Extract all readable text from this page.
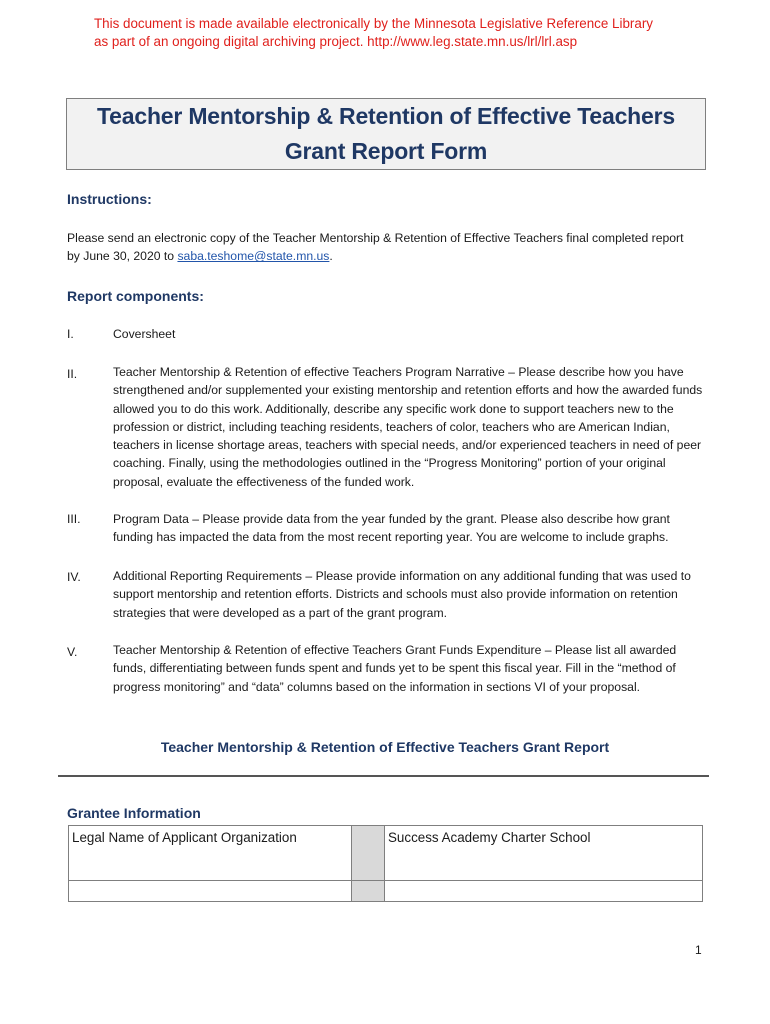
This document is made available electronically by the Minnesota Legislative Reference Library
as part of an ongoing digital archiving project. http://www.leg.state.mn.us/lrl/lrl.asp
Teacher Mentorship & Retention of Effective Teachers
Grant Report Form
Instructions:
Please send an electronic copy of the Teacher Mentorship & Retention of Effective Teachers final completed report by June 30, 2020 to saba.teshome@state.mn.us.
Report components:
I.	Coversheet
II.	Teacher Mentorship & Retention of effective Teachers Program Narrative – Please describe how you have strengthened and/or supplemented your existing mentorship and retention efforts and how the awarded funds allowed you to do this work. Additionally, describe any specific work done to support teachers new to the profession or district, including teaching residents, teachers of color, teachers who are American Indian, teachers in license shortage areas, teachers with special needs, and/or experienced teachers in need of peer coaching. Finally, using the methodologies outlined in the “Progress Monitoring” portion of your original proposal, evaluate the effectiveness of the funded work.
III.	Program Data – Please provide data from the year funded by the grant. Please also describe how grant funding has impacted the data from the most recent reporting year. You are welcome to include graphs.
IV.	Additional Reporting Requirements – Please provide information on any additional funding that was used to support mentorship and retention efforts. Districts and schools must also provide information on retention strategies that were developed as a part of the grant program.
V.	Teacher Mentorship & Retention of effective Teachers Grant Funds Expenditure – Please list all awarded funds, differentiating between funds spent and funds yet to be spent this fiscal year. Fill in the “method of progress monitoring” and “data” columns based on the information in sections VI of your proposal.
Teacher Mentorship & Retention of Effective Teachers Grant Report
Grantee Information
Legal Name of Applicant Organization		Success Academy Charter School

1
